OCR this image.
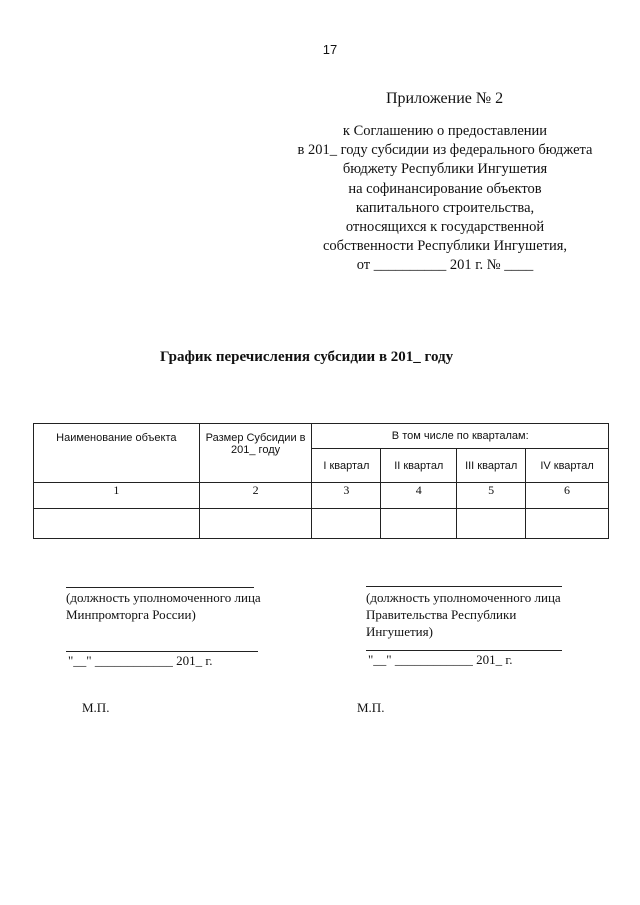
17
Приложение № 2
к Соглашению о предоставлении
в 201_ году субсидии из федерального бюджета
бюджету Республики Ингушетия
на софинансирование объектов
капитального строительства,
относящихся к государственной
собственности Республики Ингушетия,
от __________ 201 г. № ____
График перечисления субсидии в 201_ году
Наименование объекта	Размер Субсидии в 201_ году	В том числе по кварталам:			
		I квартал	II квартал	III квартал	IV квартал
1	2	3	4	5	6

(должность уполномоченного лица Минпромторга России)
"__" ____________ 201_ г.
М.П.
(должность уполномоченного лица Правительства Республики Ингушетия)
"__" ____________ 201_ г.
М.П.
